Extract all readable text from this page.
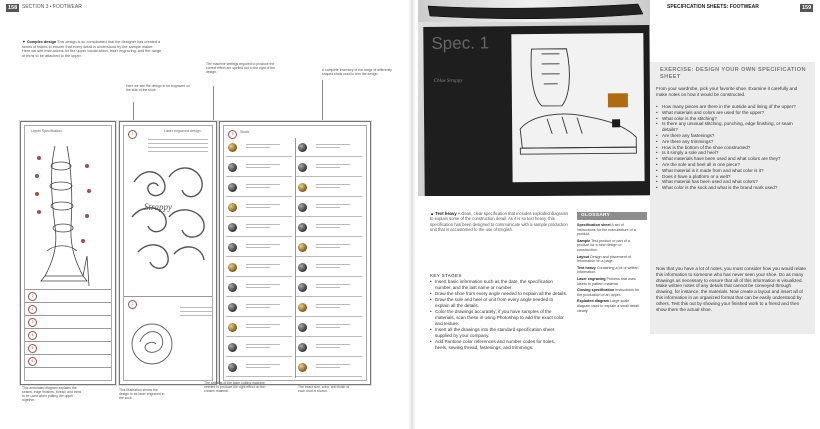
158 SECTION 3 • FOOTWEAR
▼ Complex design This design is so complicated that the designer has created a series of tables to ensure that every detail is understood by the sample maker. Here we see instructions for the upper construction, laser engraving, and the range of trims to be attached to the upper.
Here we see the design to be engraved on the side of the shoe.
The machine settings required to produce the correct effect are spelled out to the right of the design.
A complete inventory of the range of differently shaped studs used to trim the design.
Upper Specification
1
2
3
4
5
6
1
Laser engraved design
Strappy
2
3	Studs
This annotated diagram explains the seams, edge finishes, thread, and trims to be used when putting the upper together.
This illustration shows the design to be laser engraved in the sock.
The settings of the laser cutting machine needed to produce the right effect on the chosen material.
The exact size, color, and finish of each stud is shown.
Spec. 1
Chloe Strappy
SPECIFICATION SHEETS: FOOTWEAR	159
▲ Text heavy A clean, clear specification that includes exploded diagrams to explain some of the construction detail. As it is so text heavy, this specification has been designed to communicate with a sample production unit that is accustomed to the use of English.
KEY STAGES
• Insert basic information such as the date, the specification number, and the last name or number.
• Draw the shoe from every angle needed to explain all the details.
• Draw the sole and heel or unit from every angle needed to explain all the details.
• Color the drawings accurately; if you have samples of the materials, scan these in using Photoshop to add the exact color and texture.
• Insert all the drawings into the standard specification sheet supplied by your company.
• Add Pantone color references and number codes for soles, heels, sewing thread, fastenings, and trimmings.
GLOSSARY
Specification sheet A set of instructions for the manufacture of a product.
Sample Test product or part of a product for a new design or construction.
Layout Design and placement of information on a page.
Text heavy Containing a lot of written information.
Laser engraving Process that uses lasers to pattern material.
Closing specification Instructions for the production of an upper.
Exploded diagram Large-scale diagram used to explain a small detail clearly.
EXERCISE: DESIGN YOUR OWN SPECIFICATION SHEET
From your wardrobe, pick your favorite shoe. Examine it carefully and make notes on how it would be constructed.
• How many pieces are there in the outside and lining of the upper?
• What materials and colors are used for the upper?
• What color is the stitching?
• Is there any unusual stitching, punching, edge finishing, or seam details?
• Are there any fastenings?
• Are there any trimmings?
• How is the bottom of the shoe constructed?
• Is it simply a sole and heel?
• What materials have been used and what colors are they?
• Are the sole and heel all in one piece?
• What material is it made from and what color is it?
• Does it have a platform or a welt?
• What material has been used and what colors?
• What color is the sock and what is the brand mark used?
Now that you have a lot of notes, you must consider how you would relate this information to someone who has never seen your shoe. Do as many drawings as necessary to ensure that all of this information is visualized. Make written notes of any details that cannot be conveyed through drawing, for instance, the materials. Now create a layout and insert all of this information in an organized format that can be easily understood by others. Test this out by showing your finished work to a friend and then show them the actual shoe.
